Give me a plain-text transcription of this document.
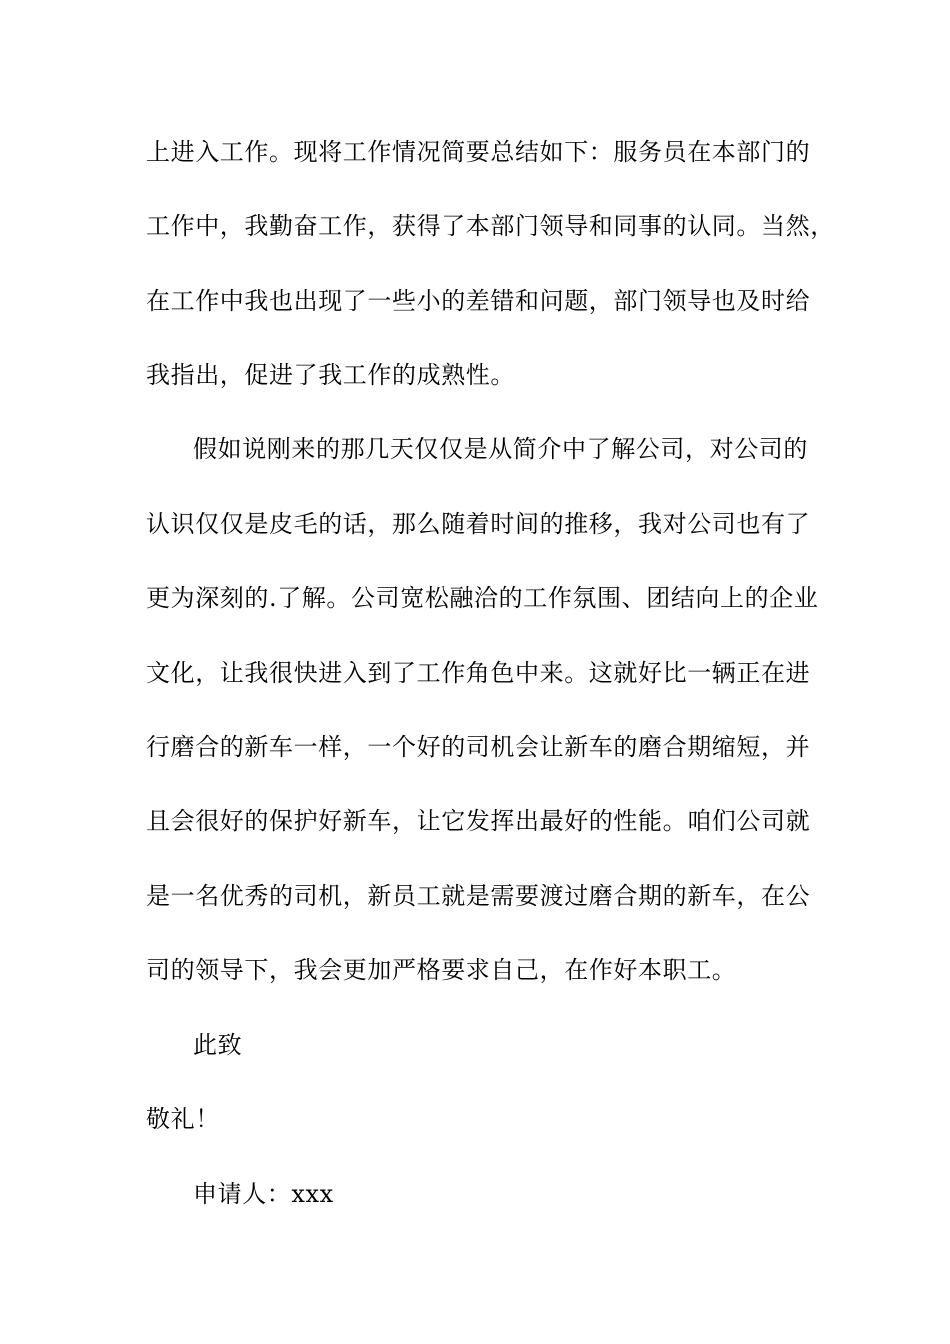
上进入工作。现将工作情况简要总结如下：服务员在本部门的
工作中，我勤奋工作，获得了本部门领导和同事的认同。当然，
在工作中我也出现了一些小的差错和问题，部门领导也及时给
我指出，促进了我工作的成熟性。
假如说刚来的那几天仅仅是从简介中了解公司，对公司的
认识仅仅是皮毛的话，那么随着时间的推移，我对公司也有了
更为深刻的.了解。公司宽松融洽的工作氛围、团结向上的企业
文化，让我很快进入到了工作角色中来。这就好比一辆正在进
行磨合的新车一样，一个好的司机会让新车的磨合期缩短，并
且会很好的保护好新车，让它发挥出最好的性能。咱们公司就
是一名优秀的司机，新员工就是需要渡过磨合期的新车，在公
司的领导下，我会更加严格要求自己，在作好本职工。
此致
敬礼！
申请人：xxx
